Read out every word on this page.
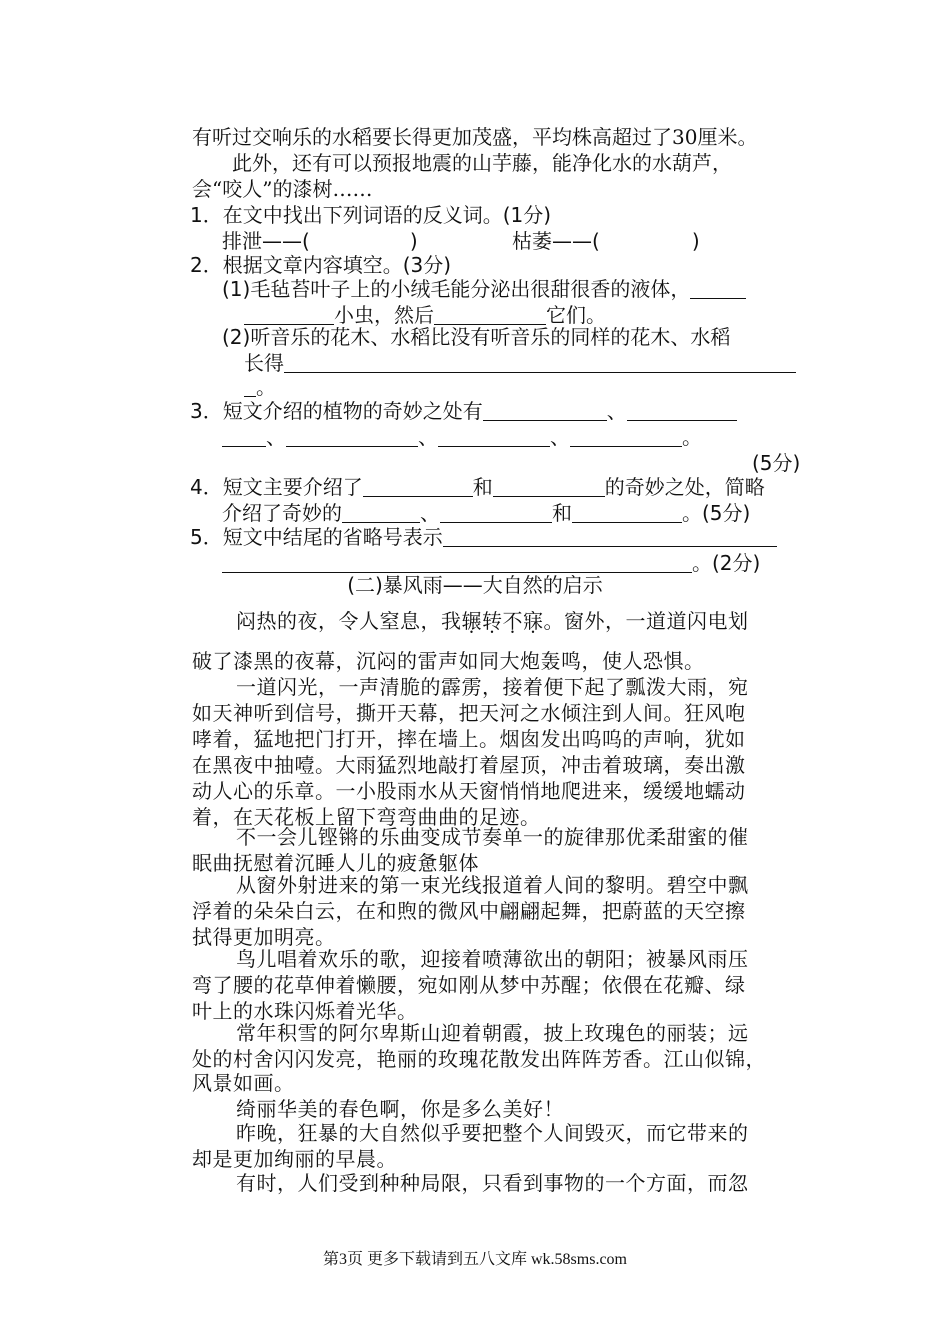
有听过交响乐的水稻要长得更加茂盛，平均株高超过了30厘米。
此外，还有可以预报地震的山芋藤，能净化水的水葫芦，
会“咬人”的漆树……
1．在文中找出下列词语的反义词。(1分)
排泄——(	)	枯萎——(	)
2．根据文章内容填空。(3分)
(1)毛毡苔叶子上的小绒毛能分泌出很甜很香的液体，
小虫，然后	它们。
(2)听音乐的花木、水稻比没有听音乐的同样的花木、水稻
长得
。
3．短文介绍的植物的奇妙之处有	、
、	、	、	。
(5分)
4．短文主要介绍了	和	的奇妙之处，简略
介绍了奇妙的	、	和	。(5分)
5．短文中结尾的省略号表示
。(2分)
(二)暴风雨——大自然的启示
闷热的夜，令人窒息，我辗转不寐。窗外，一道道闪电划
破了漆黑的夜幕，沉闷的雷声如同大炮轰鸣，使人恐惧。
一道闪光，一声清脆的霹雳，接着便下起了瓢泼大雨，宛
如天神听到信号，撕开天幕，把天河之水倾注到人间。狂风咆
哮着，猛地把门打开，摔在墙上。烟囱发出呜呜的声响，犹如
在黑夜中抽噎。大雨猛烈地敲打着屋顶，冲击着玻璃，奏出激
动人心的乐章。一小股雨水从天窗悄悄地爬进来，缓缓地蠕动
着，在天花板上留下弯弯曲曲的足迹。
不一会儿铿锵的乐曲变成节奏单一的旋律那优柔甜蜜的催
眠曲抚慰着沉睡人儿的疲惫躯体
从窗外射进来的第一束光线报道着人间的黎明。碧空中飘
浮着的朵朵白云，在和煦的微风中翩翩起舞，把蔚蓝的天空擦
拭得更加明亮。
鸟儿唱着欢乐的歌，迎接着喷薄欲出的朝阳；被暴风雨压
弯了腰的花草伸着懒腰，宛如刚从梦中苏醒；依偎在花瓣、绿
叶上的水珠闪烁着光华。
常年积雪的阿尔卑斯山迎着朝霞，披上玫瑰色的丽装；远
处的村舍闪闪发亮，艳丽的玫瑰花散发出阵阵芳香。江山似锦，
风景如画。
绮丽华美的春色啊，你是多么美好！
昨晚，狂暴的大自然似乎要把整个人间毁灭，而它带来的
却是更加绚丽的早晨。
有时，人们受到种种局限，只看到事物的一个方面，而忽
第3页 更多下载请到五八文库 wk.58sms.com
